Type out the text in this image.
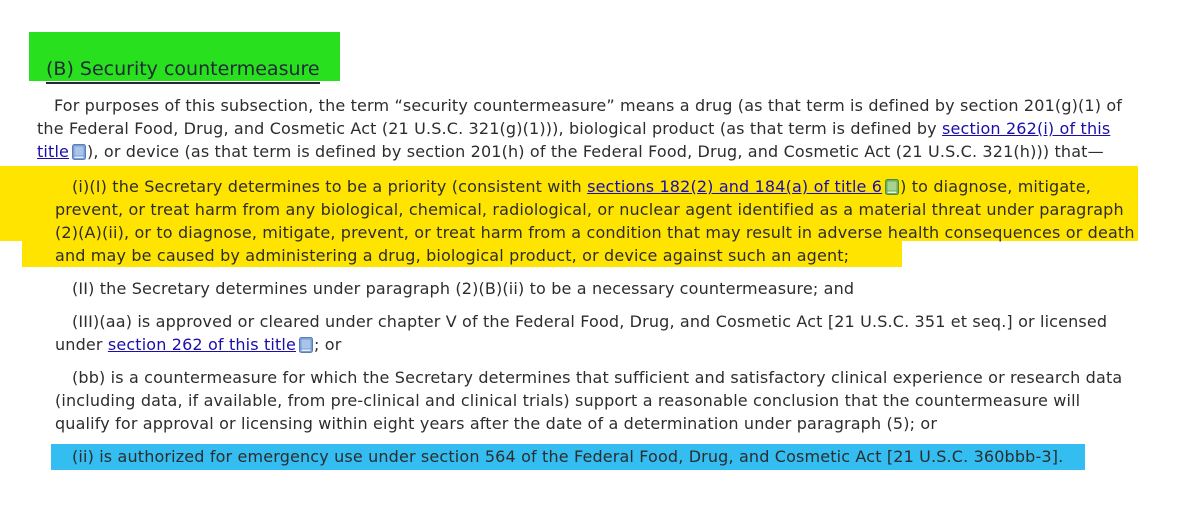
(B) Security countermeasure
For purposes of this subsection, the term “security countermeasure” means a drug (as that term is defined by section 201(g)(1) of
the Federal Food, Drug, and Cosmetic Act (21 U.S.C. 321(g)(1))), biological product (as that term is defined by section 262(i) of this
title ), or device (as that term is defined by section 201(h) of the Federal Food, Drug, and Cosmetic Act (21 U.S.C. 321(h))) that—
(i)(I) the Secretary determines to be a priority (consistent with sections 182(2) and 184(a) of title 6 ) to diagnose, mitigate,
prevent, or treat harm from any biological, chemical, radiological, or nuclear agent identified as a material threat under paragraph
(2)(A)(ii), or to diagnose, mitigate, prevent, or treat harm from a condition that may result in adverse health consequences or death
and may be caused by administering a drug, biological product, or device against such an agent;
(II) the Secretary determines under paragraph (2)(B)(ii) to be a necessary countermeasure; and
(III)(aa) is approved or cleared under chapter V of the Federal Food, Drug, and Cosmetic Act [21 U.S.C. 351 et seq.] or licensed
under section 262 of this title ; or
(bb) is a countermeasure for which the Secretary determines that sufficient and satisfactory clinical experience or research data
(including data, if available, from pre-clinical and clinical trials) support a reasonable conclusion that the countermeasure will
qualify for approval or licensing within eight years after the date of a determination under paragraph (5); or
(ii) is authorized for emergency use under section 564 of the Federal Food, Drug, and Cosmetic Act [21 U.S.C. 360bbb-3].
